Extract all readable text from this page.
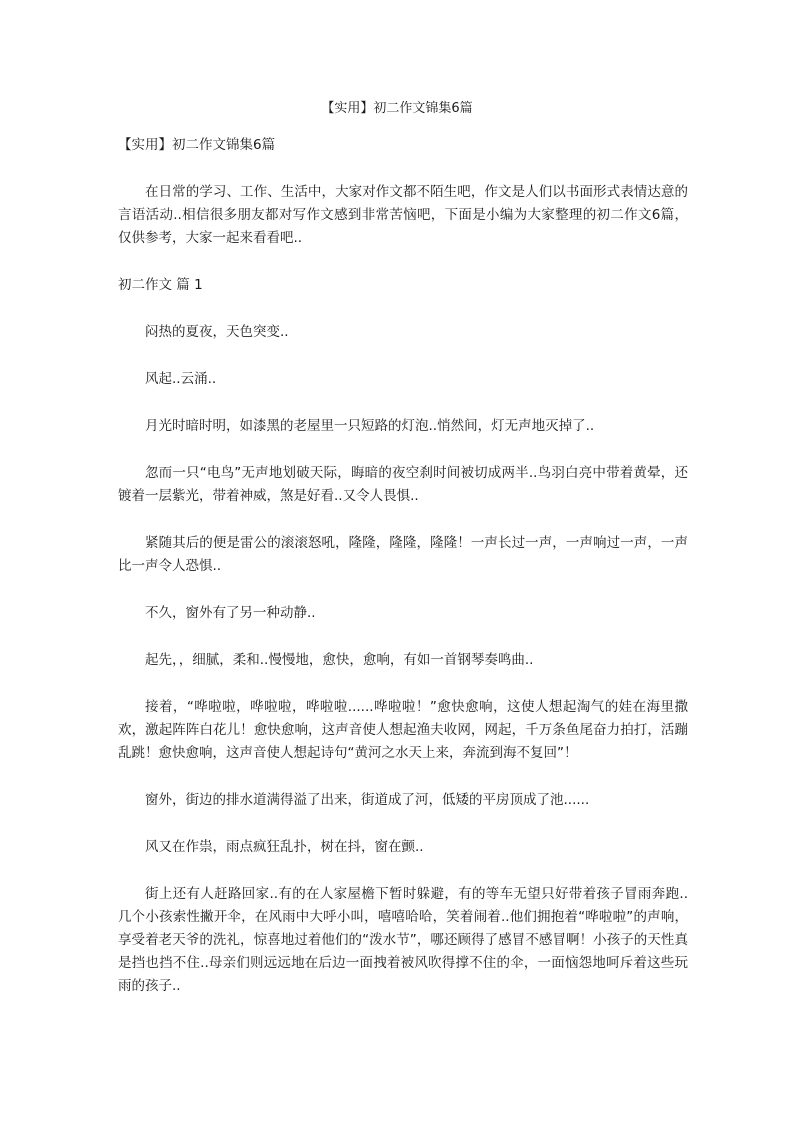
【实用】初二作文锦集6篇

【实用】初二作文锦集6篇

在日常的学习、工作、生活中，大家对作文都不陌生吧，作文是人们以书面形式表情达意的言语活动..相信很多朋友都对写作文感到非常苦恼吧，下面是小编为大家整理的初二作文6篇，仅供参考，大家一起来看看吧..

初二作文 篇 1

闷热的夏夜，天色突变..

风起..云涌..

月光时暗时明，如漆黑的老屋里一只短路的灯泡..悄然间，灯无声地灭掉了..

忽而一只“电鸟”无声地划破天际，晦暗的夜空刹时间被切成两半..鸟羽白亮中带着黄晕，还镀着一层紫光，带着神威，煞是好看..又令人畏惧..

紧随其后的便是雷公的滚滚怒吼，隆隆，隆隆，隆隆！一声长过一声，一声响过一声，一声比一声令人恐惧..

不久，窗外有了另一种动静..

起先，，细腻，柔和..慢慢地，愈快，愈响，有如一首钢琴奏鸣曲..

接着，“哗啦啦，哗啦啦，哗啦啦......哗啦啦！”愈快愈响，这使人想起淘气的娃在海里撒欢，激起阵阵白花儿！愈快愈响，这声音使人想起渔夫收网，网起，千万条鱼尾奋力拍打，活蹦乱跳！愈快愈响，这声音使人想起诗句“黄河之水天上来，奔流到海不复回”！

窗外，街边的排水道满得溢了出来，街道成了河，低矮的平房顶成了池......

风又在作祟，雨点疯狂乱扑，树在抖，窗在颤..

街上还有人赶路回家..有的在人家屋檐下暂时躲避，有的等车无望只好带着孩子冒雨奔跑..几个小孩索性撇开伞，在风雨中大呼小叫，嘻嘻哈哈，笑着闹着..他们拥抱着“哗啦啦”的声响，享受着老天爷的洗礼，惊喜地过着他们的“泼水节”，哪还顾得了感冒不感冒啊！小孩子的天性真是挡也挡不住..母亲们则远远地在后边一面拽着被风吹得撑不住的伞，一面恼怨地呵斥着这些玩雨的孩子..
